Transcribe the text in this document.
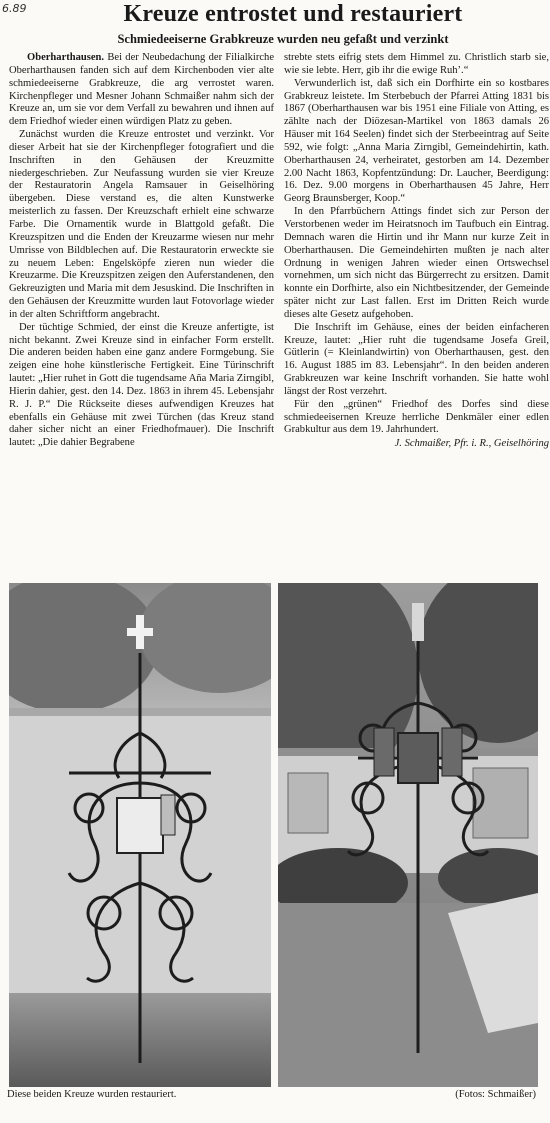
6.89	Kreuze entrostet und restauriert
Schmiedeeiserne Grabkreuze wurden neu gefaßt und verzinkt

Oberharthausen. Bei der Neubedachung der Filialkirche Oberharthausen fanden sich auf dem Kirchenboden vier alte schmiedeeiserne Grabkreuze, die arg verrostet waren. Kirchenpfleger und Mesner Johann Schmaißer nahm sich der Kreuze an, um sie vor dem Verfall zu bewahren und ihnen auf dem Friedhof wieder einen würdigen Platz zu geben.

Zunächst wurden die Kreuze entrostet und verzinkt. Vor dieser Arbeit hat sie der Kirchenpfleger fotografiert und die Inschriften in den Gehäusen der Kreuzmitte niedergeschrieben. Zur Neufassung wurden sie vier Kreuze der Restauratorin Angela Ramsauer in Geiselhöring übergeben. Diese verstand es, die alten Kunstwerke meisterlich zu fassen. Der Kreuzschaft erhielt eine schwarze Farbe. Die Ornamentik wurde in Blattgold gefaßt. Die Kreuzspitzen und die Enden der Kreuzarme wiesen nur mehr Umrisse von Bildblechen auf. Die Restauratorin erweckte sie zu neuem Leben: Engelsköpfe zieren nun wieder die Kreuzarme. Die Kreuzspitzen zeigen den Auferstandenen, den Gekreuzigten und Maria mit dem Jesuskind. Die Inschriften in den Gehäusen der Kreuzmitte wurden laut Fotovorlage wieder in der alten Schriftform angebracht.

Der tüchtige Schmied, der einst die Kreuze anfertigte, ist nicht bekannt. Zwei Kreuze sind in einfacher Form erstellt. Die anderen beiden haben eine ganz andere Formgebung. Sie zeigen eine hohe künstlerische Fertigkeit. Eine Türinschrift lautet: „Hier ruhet in Gott die tugendsame Aña Maria Zirngibl, Hierin dahier, gest. den 14. Dez. 1863 in ihrem 45. Lebensjahr R. J. P.“ Die Rückseite dieses aufwendigen Kreuzes hat ebenfalls ein Gehäuse mit zwei Türchen (das Kreuz stand daher sicher nicht an einer Friedhofmauer). Die Inschrift lautet: „Die dahier Begrabene

strebte stets eifrig stets dem Himmel zu. Christlich starb sie, wie sie lebte. Herr, gib ihr die ewige Ruh’.“

Verwunderlich ist, daß sich ein Dorfhirte ein so kostbares Grabkreuz leistete. Im Sterbebuch der Pfarrei Atting 1831 bis 1867 (Oberharthausen war bis 1951 eine Filiale von Atting, es zählte nach der Diözesan-Martikel von 1863 damals 26 Häuser mit 164 Seelen) findet sich der Sterbeeintrag auf Seite 592, wie folgt: „Anna Maria Zirngibl, Gemeindehirtin, kath. Oberharthausen 24, verheiratet, gestorben am 14. Dezember 2.00 Nacht 1863, Kopfentzündung: Dr. Laucher, Beerdigung: 16. Dez. 9.00 morgens in Oberharthausen 45 Jahre, Herr Georg Braunsberger, Koop.“

In den Pfarrbüchern Attings findet sich zur Person der Verstorbenen weder im Heiratsnoch im Taufbuch ein Eintrag. Demnach waren die Hirtin und ihr Mann nur kurze Zeit in Oberharthausen. Die Gemeindehirten mußten je nach alter Ordnung in wenigen Jahren wieder einen Ortswechsel vornehmen, um sich nicht das Bürgerrecht zu ersitzen. Damit konnte ein Dorfhirte, also ein Nichtbesitzender, der Gemeinde später nicht zur Last fallen. Erst im Dritten Reich wurde dieses alte Gesetz aufgehoben.

Die Inschrift im Gehäuse, eines der beiden einfacheren Kreuze, lautet: „Hier ruht die tugendsame Josefa Greil, Gütlerin (= Kleinlandwirtin) von Oberharthausen, gest. den 16. August 1885 im 83. Lebensjahr“. In den beiden anderen Grabkreuzen war keine Inschrift vorhanden. Sie hatte wohl längst der Rost verzehrt.

Für den „grünen“ Friedhof des Dorfes sind diese schmiedeeisernen Kreuze herrliche Denkmäler einer edlen Grabkultur aus dem 19. Jahrhundert.

J. Schmaißer, Pfr. i. R., Geiselhöring

Diese beiden Kreuze wurden restauriert.	(Fotos: Schmaißer)
